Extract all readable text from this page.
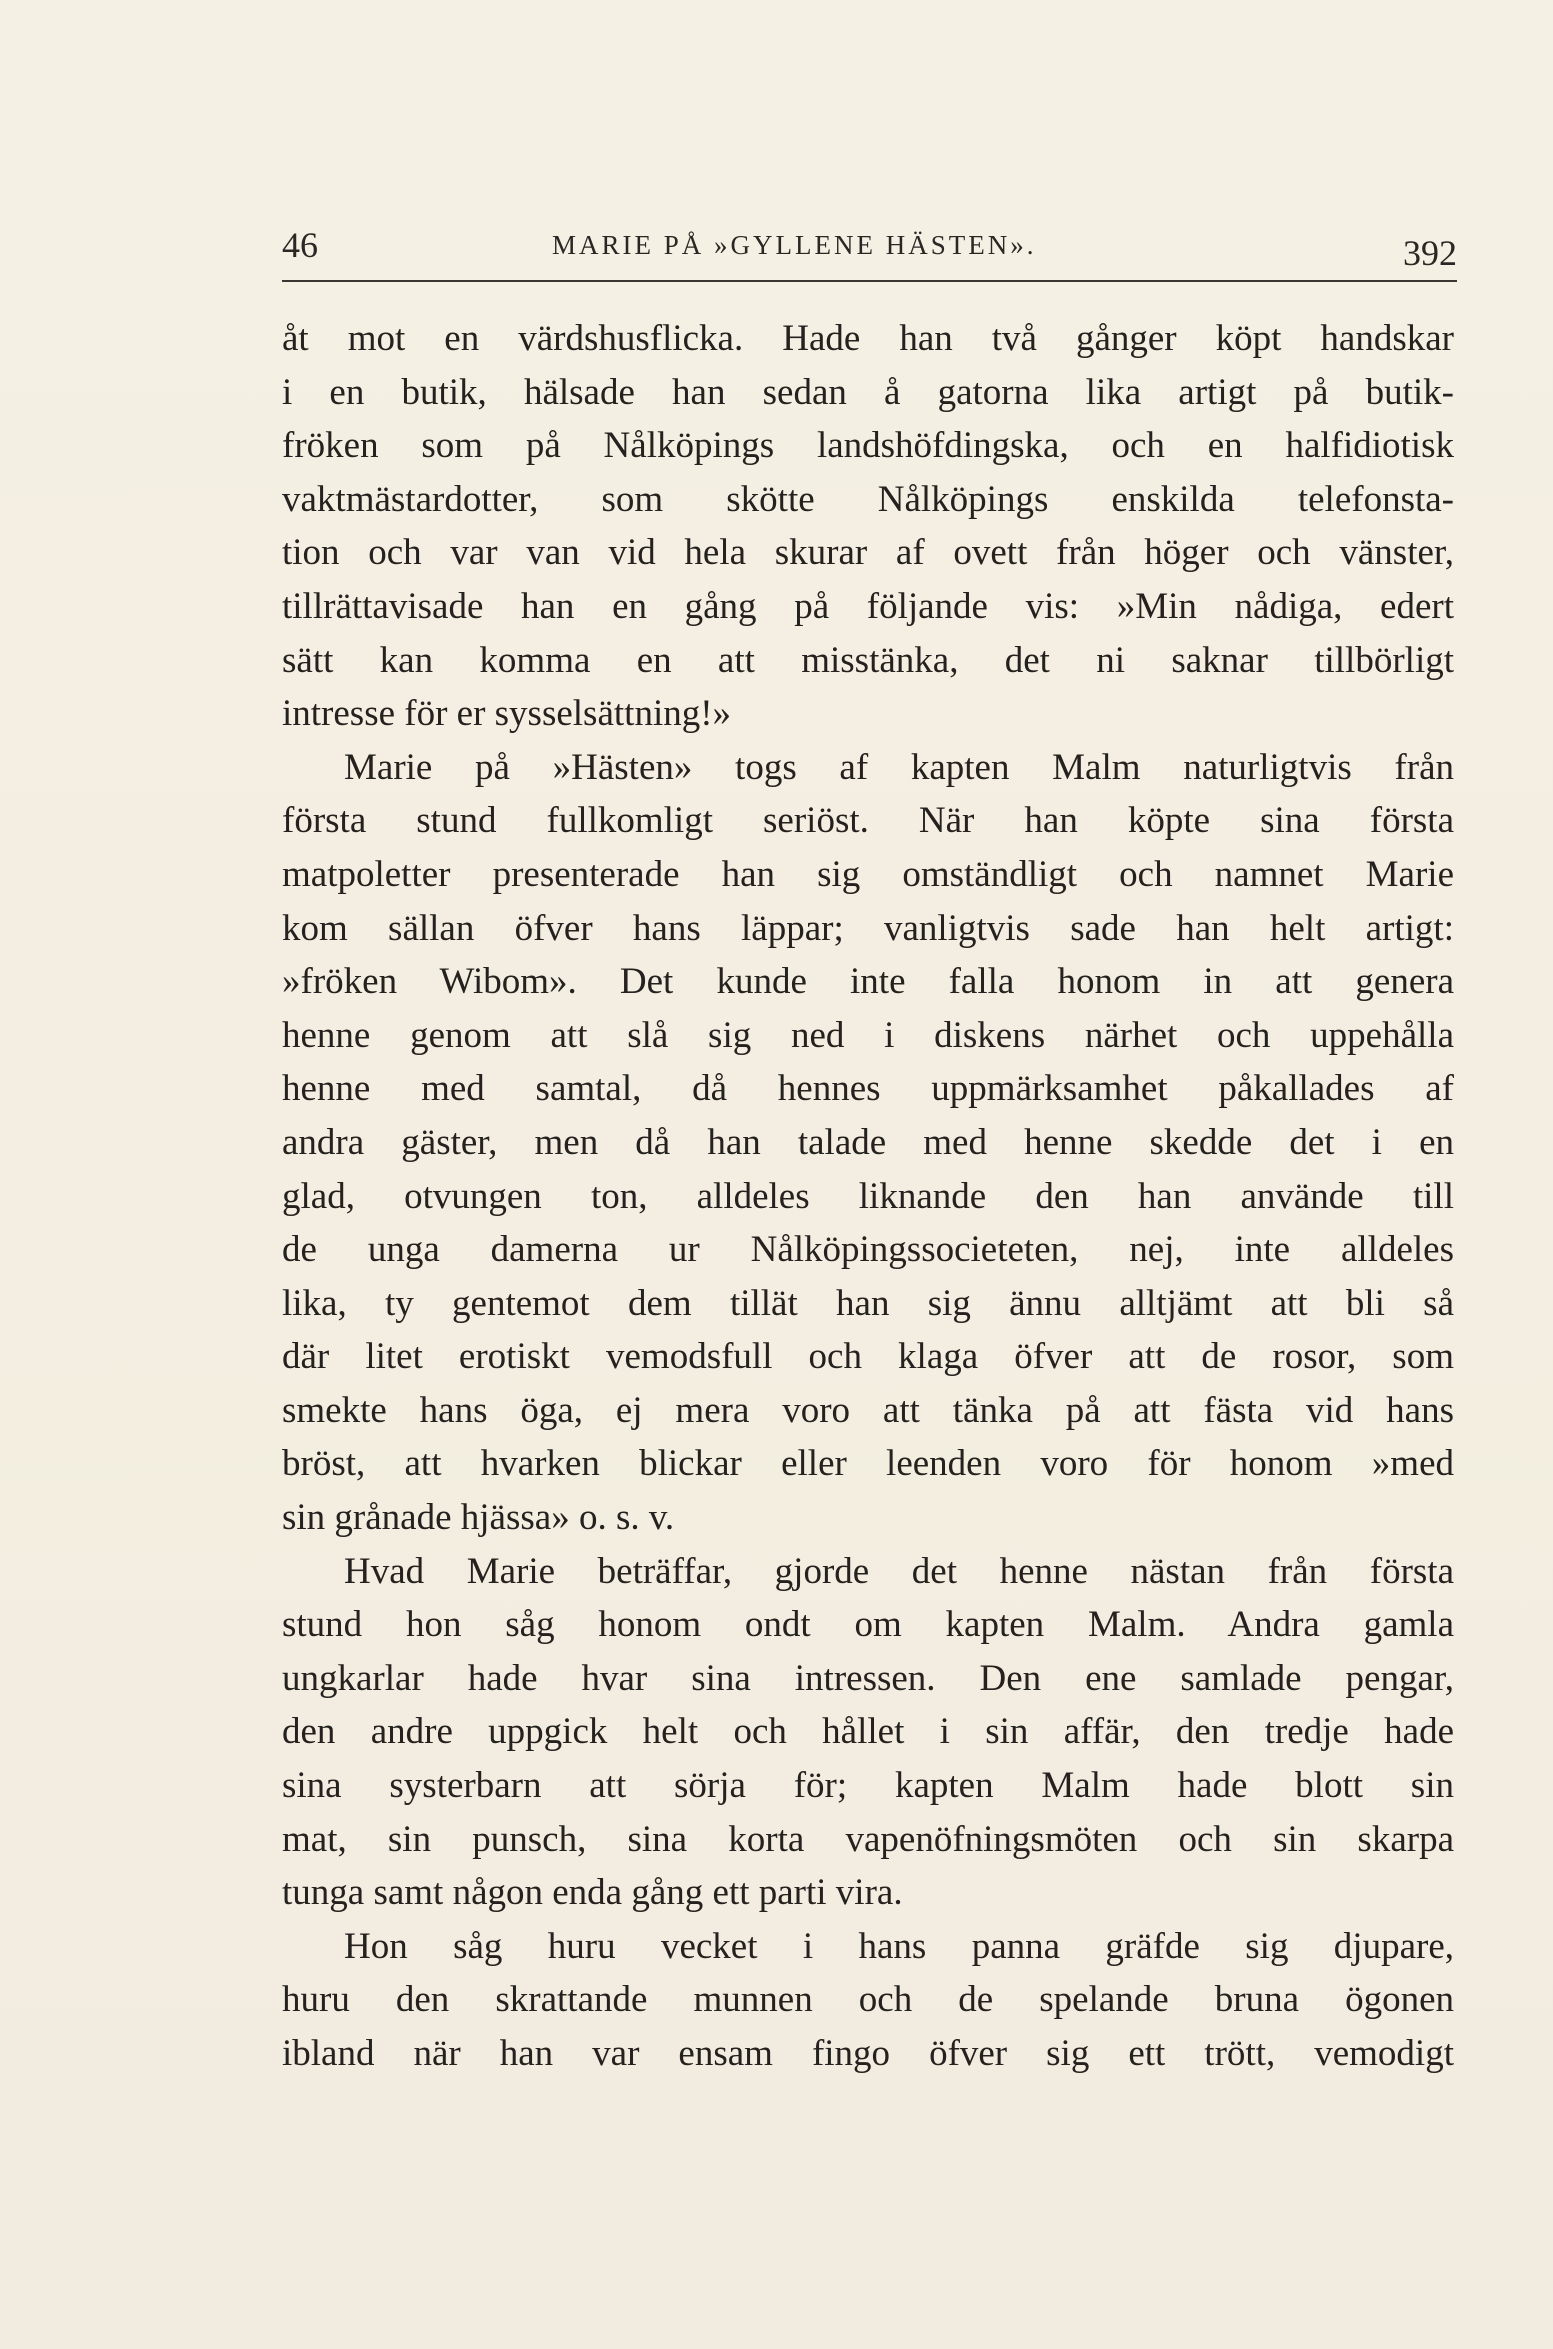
46	MARIE PÅ »GYLLENE HÄSTEN».	392
åt mot en värdshusflicka. Hade han två gånger köpt handskar
i en butik, hälsade han sedan å gatorna lika artigt på butik-
fröken som på Nålköpings landshöfdingska, och en halfidiotisk
vaktmästardotter, som skötte Nålköpings enskilda telefonsta-
tion och var van vid hela skurar af ovett från höger och vänster,
tillrättavisade han en gång på följande vis: »Min nådiga, edert
sätt kan komma en att misstänka, det ni saknar tillbörligt
intresse för er sysselsättning!»
Marie på »Hästen» togs af kapten Malm naturligtvis från
första stund fullkomligt seriöst. När han köpte sina första
matpoletter presenterade han sig omständligt och namnet Marie
kom sällan öfver hans läppar; vanligtvis sade han helt artigt:
»fröken Wibom». Det kunde inte falla honom in att genera
henne genom att slå sig ned i diskens närhet och uppehålla
henne med samtal, då hennes uppmärksamhet påkallades af
andra gäster, men då han talade med henne skedde det i en
glad, otvungen ton, alldeles liknande den han använde till
de unga damerna ur Nålköpingssocieteten, nej, inte alldeles
lika, ty gentemot dem tillät han sig ännu alltjämt att bli så
där litet erotiskt vemodsfull och klaga öfver att de rosor, som
smekte hans öga, ej mera voro att tänka på att fästa vid hans
bröst, att hvarken blickar eller leenden voro för honom »med
sin grånade hjässa» o. s. v.
Hvad Marie beträffar, gjorde det henne nästan från första
stund hon såg honom ondt om kapten Malm. Andra gamla
ungkarlar hade hvar sina intressen. Den ene samlade pengar,
den andre uppgick helt och hållet i sin affär, den tredje hade
sina systerbarn att sörja för; kapten Malm hade blott sin
mat, sin punsch, sina korta vapenöfningsmöten och sin skarpa
tunga samt någon enda gång ett parti vira.
Hon såg huru vecket i hans panna gräfde sig djupare,
huru den skrattande munnen och de spelande bruna ögonen
ibland när han var ensam fingo öfver sig ett trött, vemodigt
